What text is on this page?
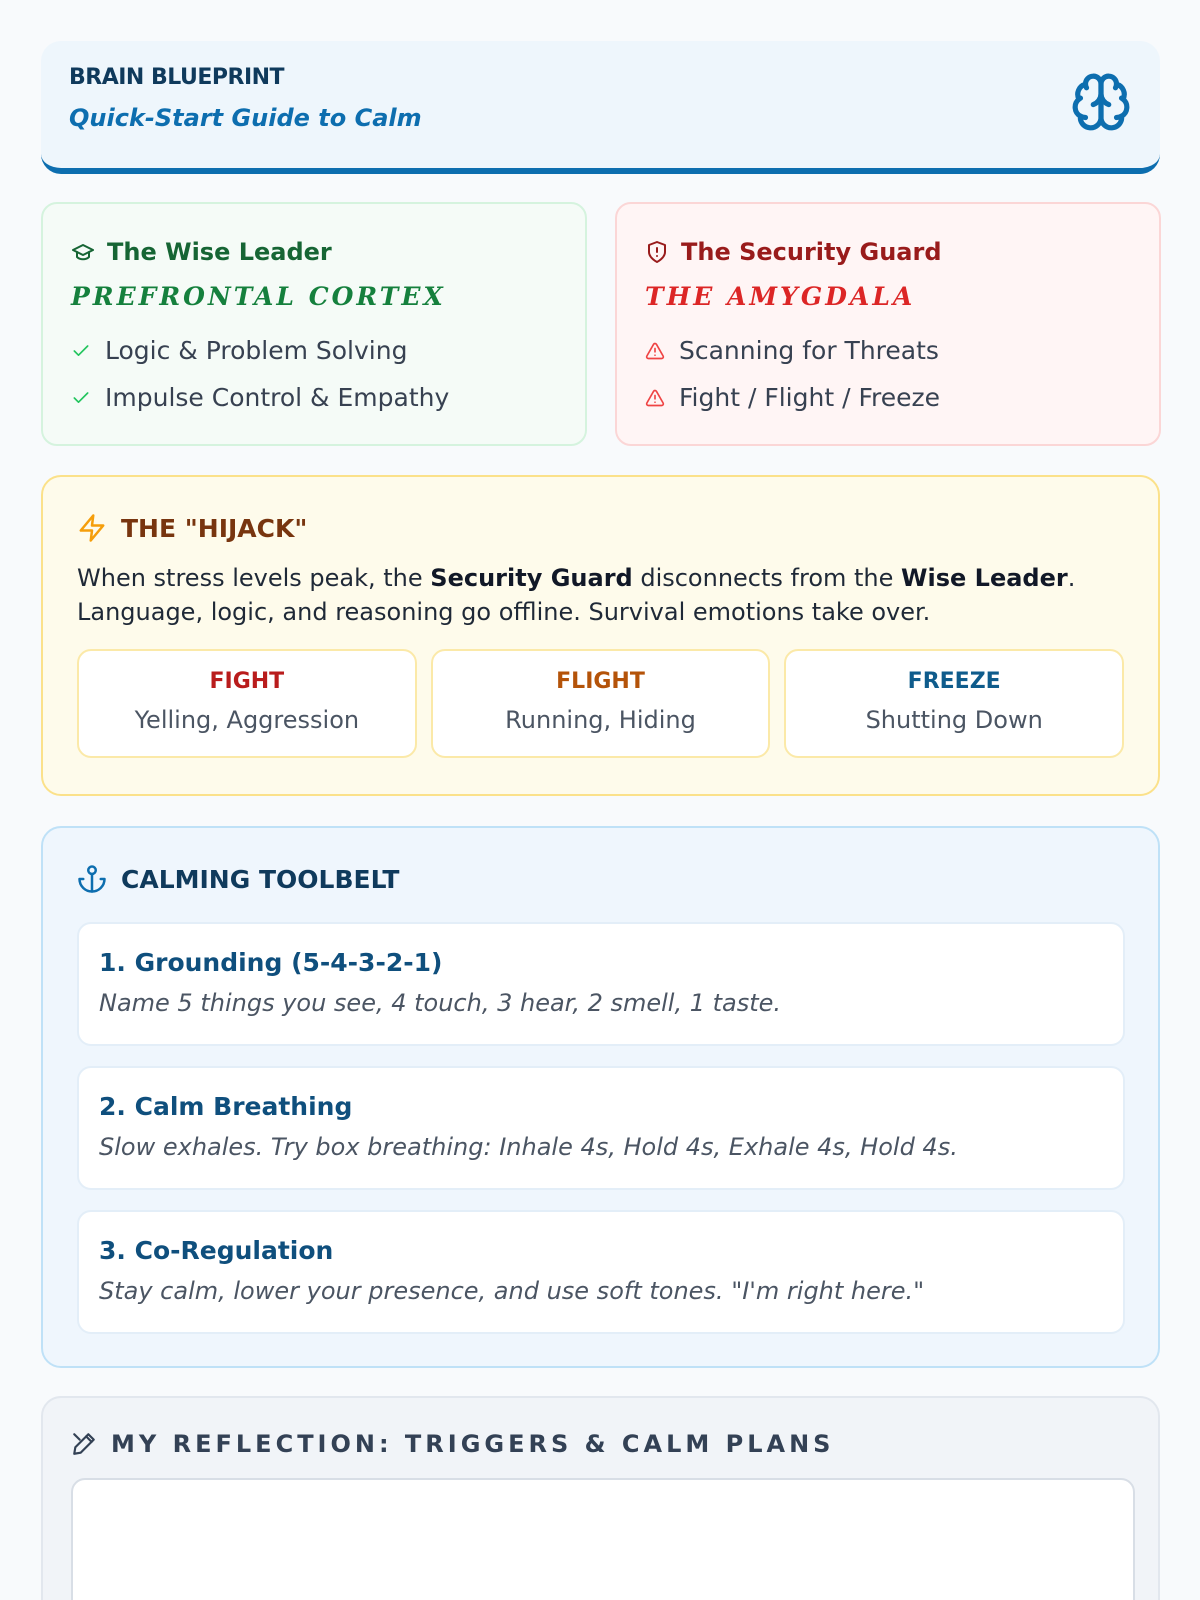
BRAIN BLUEPRINT
Quick-Start Guide to Calm
The Wise Leader
PREFRONTAL CORTEX
Logic & Problem Solving
Impulse Control & Empathy
The Security Guard
THE AMYGDALA
Scanning for Threats
Fight / Flight / Freeze
THE "HIJACK"
When stress levels peak, the Security Guard disconnects from the Wise Leader. Language, logic, and reasoning go offline. Survival emotions take over.
FIGHT
Yelling, Aggression
FLIGHT
Running, Hiding
FREEZE
Shutting Down
CALMING TOOLBELT
1. Grounding (5-4-3-2-1)
Name 5 things you see, 4 touch, 3 hear, 2 smell, 1 taste.
2. Calm Breathing
Slow exhales. Try box breathing: Inhale 4s, Hold 4s, Exhale 4s, Hold 4s.
3. Co-Regulation
Stay calm, lower your presence, and use soft tones. "I'm right here."
MY REFLECTION: TRIGGERS & CALM PLANS
